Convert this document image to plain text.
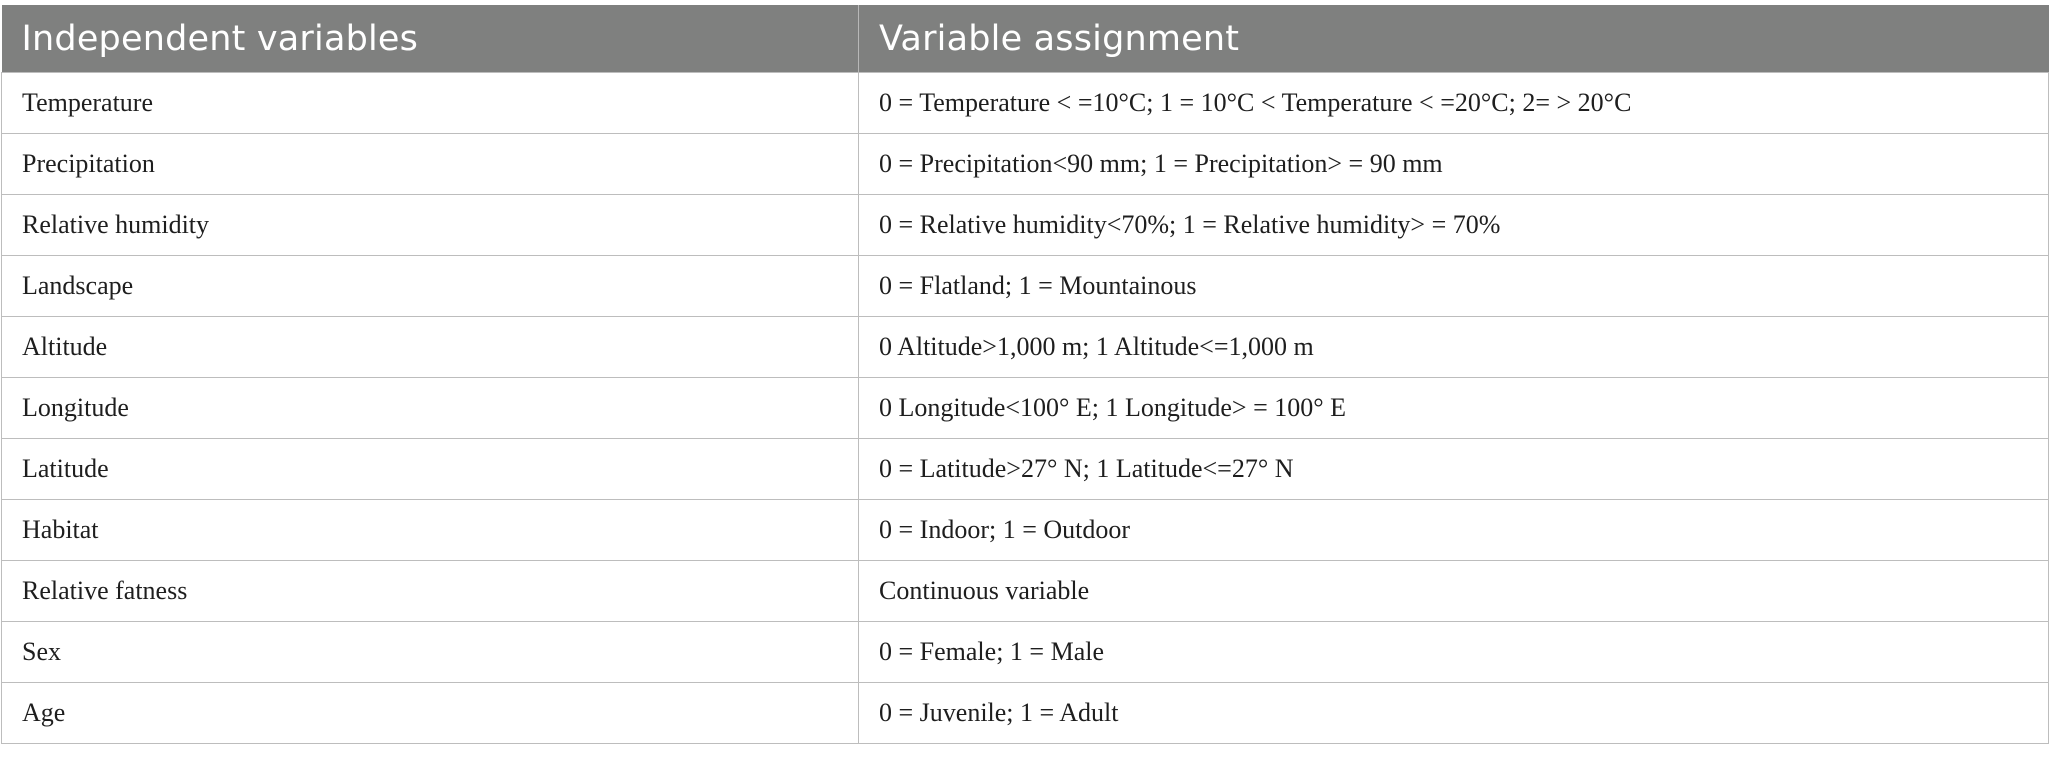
Independent variables	Variable assignment
Temperature	0 = Temperature < =10°C; 1 = 10°C < Temperature < =20°C; 2= > 20°C
Precipitation	0 = Precipitation<90 mm; 1 = Precipitation> = 90 mm
Relative humidity	0 = Relative humidity<70%; 1 = Relative humidity> = 70%
Landscape	0 = Flatland; 1 = Mountainous
Altitude	0 Altitude>1,000 m; 1 Altitude<=1,000 m
Longitude	0 Longitude<100° E; 1 Longitude> = 100° E
Latitude	0 = Latitude>27° N; 1 Latitude<=27° N
Habitat	0 = Indoor; 1 = Outdoor
Relative fatness	Continuous variable
Sex	0 = Female; 1 = Male
Age	0 = Juvenile; 1 = Adult
